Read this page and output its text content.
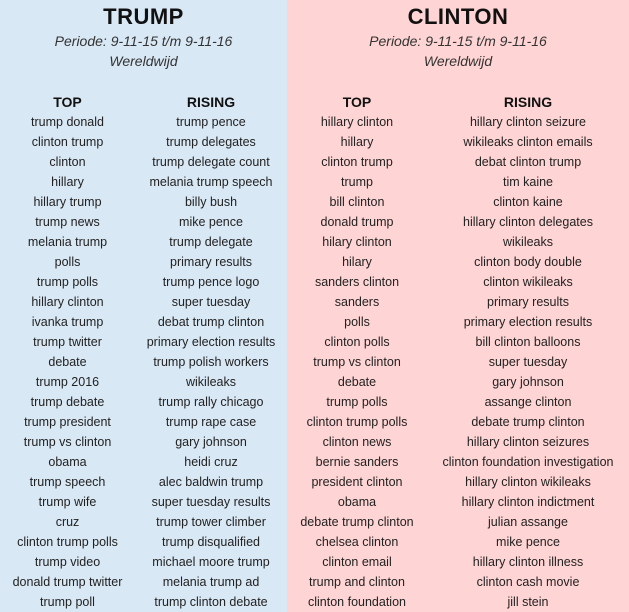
TRUMP
Periode: 9-11-15 t/m 9-11-16
Wereldwijd
TOP
trump donald
clinton trump
clinton
hillary
hillary trump
trump news
melania trump
polls
trump polls
hillary clinton
ivanka trump
trump twitter
debate
trump 2016
trump debate
trump president
trump vs clinton
obama
trump speech
trump wife
cruz
clinton trump polls
trump video
donald trump twitter
trump poll
RISING
trump pence
trump delegates
trump delegate count
melania trump speech
billy bush
mike pence
trump delegate
primary results
trump pence logo
super tuesday
debat trump clinton
primary election results
trump polish workers
wikileaks
trump rally chicago
trump rape case
gary johnson
heidi cruz
alec baldwin trump
super tuesday results
trump tower climber
trump disqualified
michael moore trump
melania trump ad
trump clinton debate
CLINTON
Periode: 9-11-15 t/m 9-11-16
Wereldwijd
TOP
hillary clinton
hillary
clinton trump
trump
bill clinton
donald trump
hilary clinton
hilary
sanders clinton
sanders
polls
clinton polls
trump vs clinton
debate
trump polls
clinton trump polls
clinton news
bernie sanders
president clinton
obama
debate trump clinton
chelsea clinton
clinton email
trump and clinton
clinton foundation
RISING
hillary clinton seizure
wikileaks clinton emails
debat clinton trump
tim kaine
clinton kaine
hillary clinton delegates
wikileaks
clinton body double
clinton wikileaks
primary results
primary election results
bill clinton balloons
super tuesday
gary johnson
assange clinton
debate trump clinton
hillary clinton seizures
clinton foundation investigation
hillary clinton wikileaks
hillary clinton indictment
julian assange
mike pence
hillary clinton illness
clinton cash movie
jill stein
